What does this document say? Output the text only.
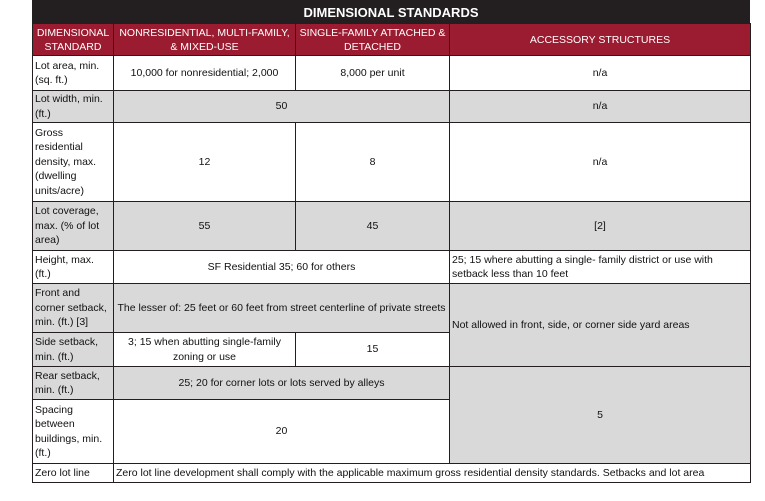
DIMENSIONAL STANDARDS
DIMENSIONAL STANDARD	NONRESIDENTIAL, MULTI-FAMILY, & MIXED-USE	SINGLE-FAMILY ATTACHED & DETACHED	ACCESSORY STRUCTURES
Lot area, min. (sq. ft.)	10,000 for nonresidential; 2,000	8,000 per unit	n/a
Lot width, min. (ft.)	50		n/a
Gross residential density, max. (dwelling units/acre)	12	8	n/a
Lot coverage, max. (% of lot area)	55	45	[2]
Height, max. (ft.)	SF Residential 35; 60 for others		25; 15 where abutting a single- family district or use with setback less than 10 feet
Front and corner setback, min. (ft.) [3]	The lesser of: 25 feet or 60 feet from street centerline of private streets		Not allowed in front, side, or corner side yard areas
Side setback, min. (ft.)	3; 15 when abutting single-family zoning or use	15	
Rear setback, min. (ft.)	25; 20 for corner lots or lots served by alleys		5
Spacing between buildings, min. (ft.)	20		
Zero lot line	Zero lot line development shall comply with the applicable maximum gross residential density standards. Setbacks and lot area		
